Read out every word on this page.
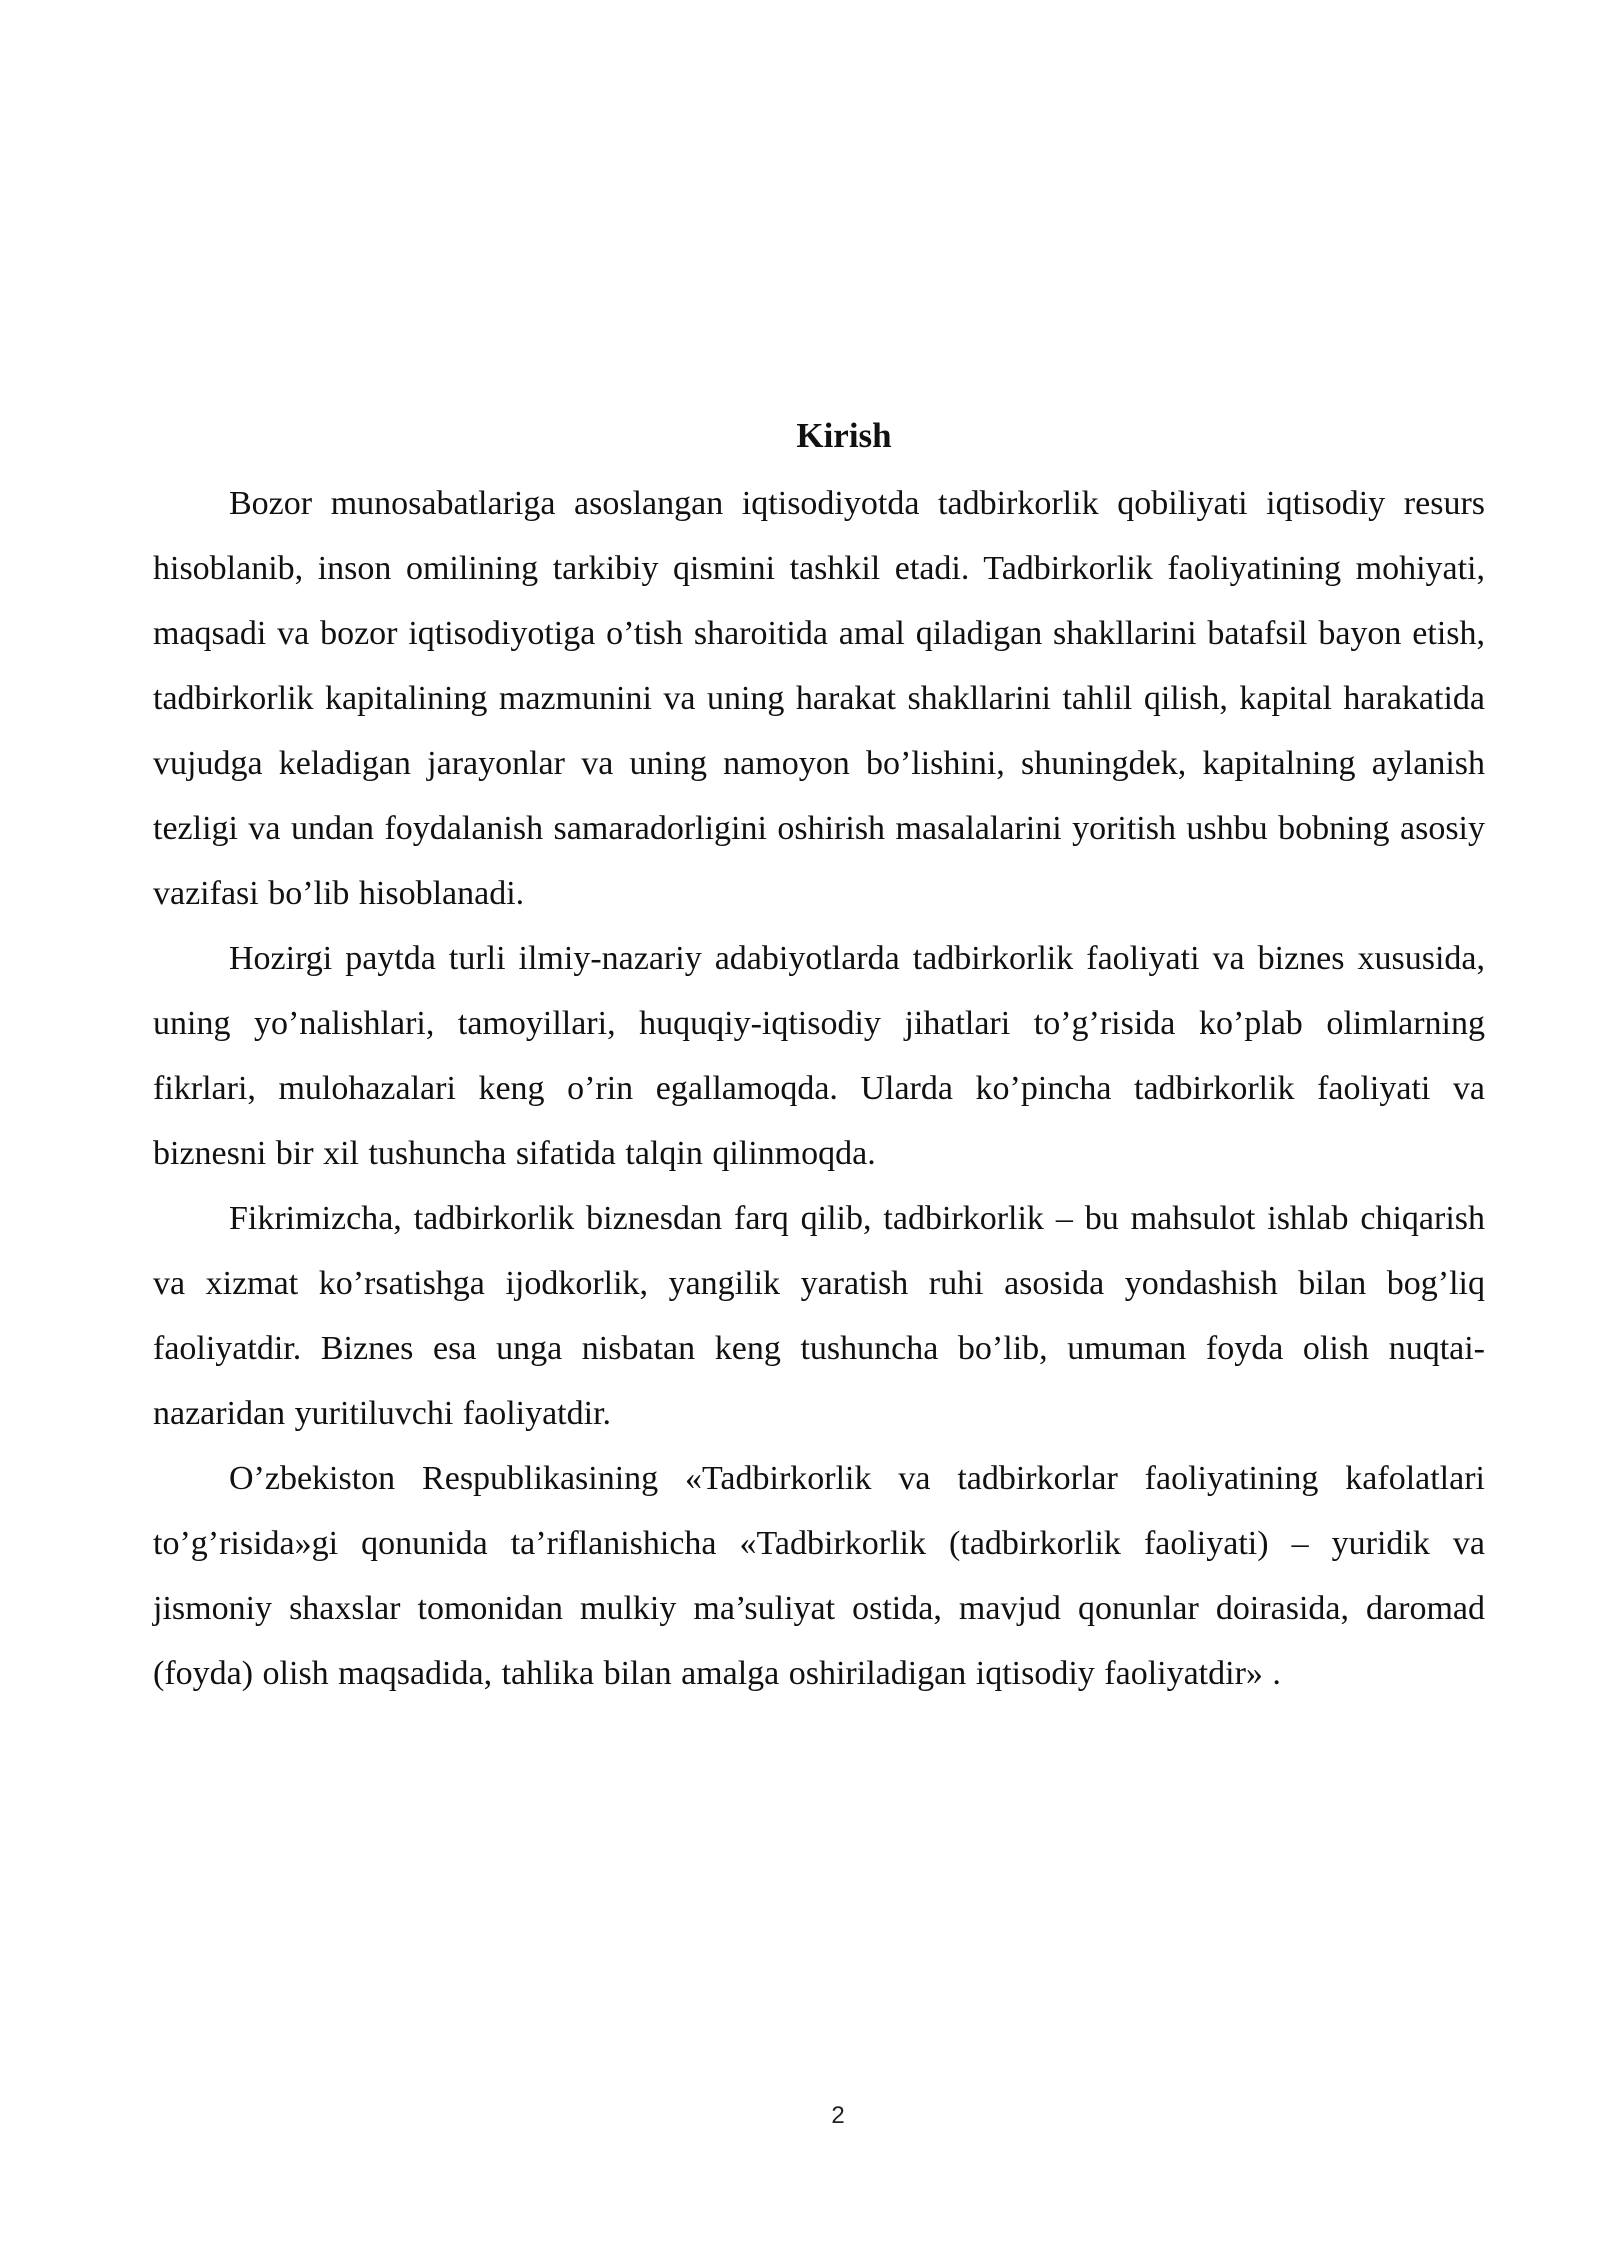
Kirish

Bozor munosabatlariga asoslangan iqtisodiyotda tadbirkorlik qobiliyati iqtisodiy resurs hisoblanib, inson omilining tarkibiy qismini tashkil etadi. Tadbirkorlik faoliyatining mohiyati, maqsadi va bozor iqtisodiyotiga o’tish sharoitida amal qiladigan shakllarini batafsil bayon etish, tadbirkorlik kapitalining mazmunini va uning harakat shakllarini tahlil qilish, kapital harakatida vujudga keladigan jarayonlar va uning namoyon bo’lishini, shuningdek, kapitalning aylanish tezligi va undan foydalanish samaradorligini oshirish masalalarini yoritish ushbu bobning asosiy vazifasi bo’lib hisoblanadi.

Hozirgi paytda turli ilmiy-nazariy adabiyotlarda tadbirkorlik faoliyati va biznes xususida, uning yo’nalishlari, tamoyillari, huquqiy-iqtisodiy jihatlari to’g’risida ko’plab olimlarning fikrlari, mulohazalari keng o’rin egallamoqda. Ularda ko’pincha tadbirkorlik faoliyati va biznesni bir xil tushuncha sifatida talqin qilinmoqda.

Fikrimizcha, tadbirkorlik biznesdan farq qilib, tadbirkorlik – bu mahsulot ishlab chiqarish va xizmat ko’rsatishga ijodkorlik, yangilik yaratish ruhi asosida yondashish bilan bog’liq faoliyatdir. Biznes esa unga nisbatan keng tushuncha bo’lib, umuman foyda olish nuqtai-nazaridan yuritiluvchi faoliyatdir.

O’zbekiston Respublikasining «Tadbirkorlik va tadbirkorlar faoliyatining kafolatlari to’g’risida»gi qonunida ta’riflanishicha «Tadbirkorlik (tadbirkorlik faoliyati) – yuridik va jismoniy shaxslar tomonidan mulkiy ma’suliyat ostida, mavjud qonunlar doirasida, daromad (foyda) olish maqsadida, tahlika bilan amalga oshiriladigan iqtisodiy faoliyatdir» .

2
